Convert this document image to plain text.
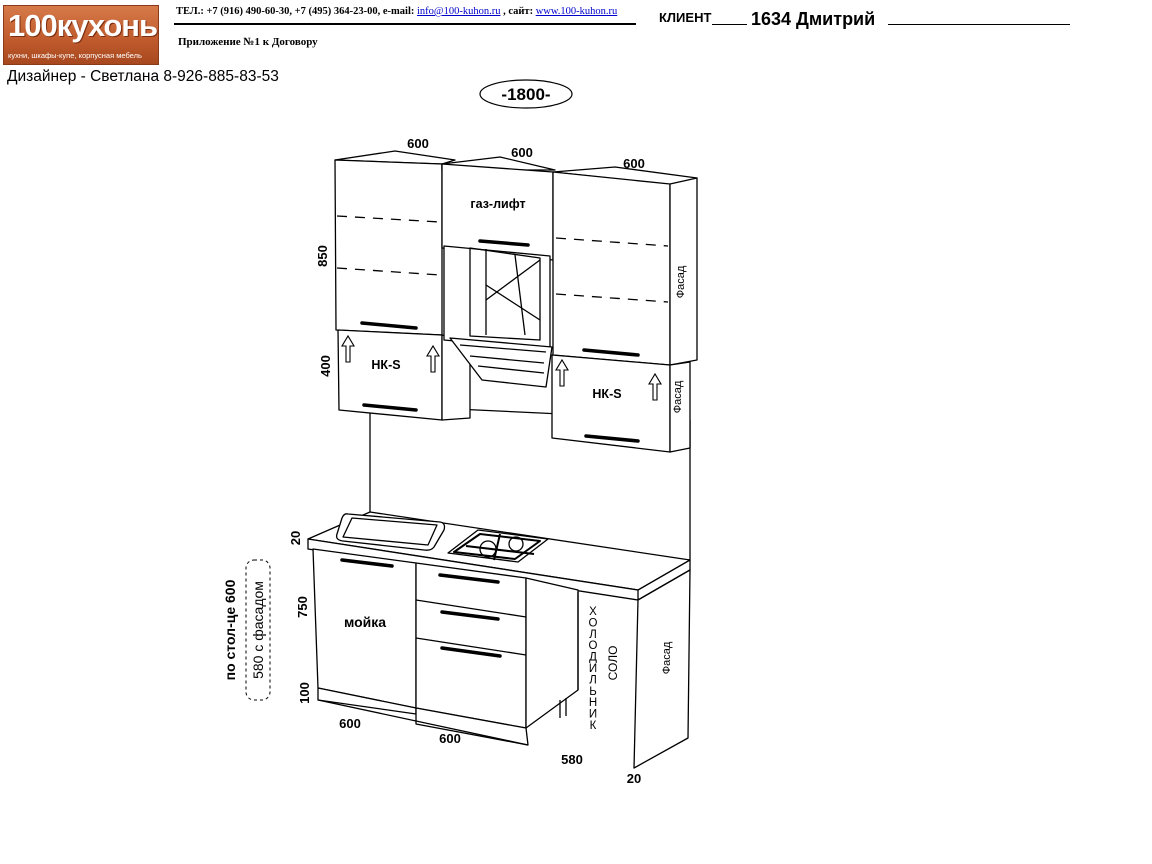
100кухонь
кухни, шкафы-купе, корпусная мебель
ТЕЛ.: +7 (916) 490-60-30, +7 (495) 364-23-00, e-mail: info@100-kuhon.ru , сайт: www.100-kuhon.ru
Приложение №1 к Договору
КЛИЕНТ 1634 Дмитрий
Дизайнер - Светлана 8-926-885-83-53
-1800-
600
600
600
850
400
20
750
100
600
600
580
20
газ-лифт
НК-S
НК-S
мойка
Фасад
Фасад
Фасад
СОЛО
Х О Л О Д И Л Ь Н И К
по стол-це 600 580 с фасадом
